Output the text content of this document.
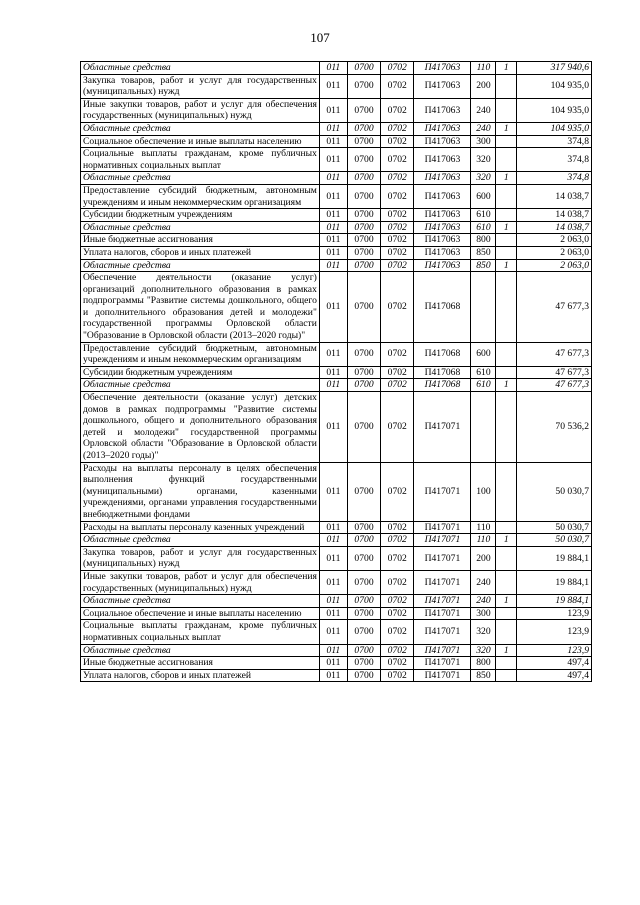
107
Областные средства	011	0700	0702	П417063	110	1	317 940,6
Закупка товаров, работ и услуг для государственных (муниципальных) нужд	011	0700	0702	П417063	200		104 935,0
Иные закупки товаров, работ и услуг для обеспечения государственных (муниципальных) нужд	011	0700	0702	П417063	240		104 935,0
Областные средства	011	0700	0702	П417063	240	1	104 935,0
Социальное обеспечение и иные выплаты населению	011	0700	0702	П417063	300		374,8
Социальные выплаты гражданам, кроме публичных нормативных социальных выплат	011	0700	0702	П417063	320		374,8
Областные средства	011	0700	0702	П417063	320	1	374,8
Предоставление субсидий бюджетным, автономным учреждениям и иным некоммерческим организациям	011	0700	0702	П417063	600		14 038,7
Субсидии бюджетным учреждениям	011	0700	0702	П417063	610		14 038,7
Областные средства	011	0700	0702	П417063	610	1	14 038,7
Иные бюджетные ассигнования	011	0700	0702	П417063	800		2 063,0
Уплата налогов, сборов и иных платежей	011	0700	0702	П417063	850		2 063,0
Областные средства	011	0700	0702	П417063	850	1	2 063,0
Обеспечение деятельности (оказание услуг) организаций дополнительного образования в рамках подпрограммы "Развитие системы дошкольного, общего и дополнительного образования детей и молодежи" государственной программы Орловской области "Образование в Орловской области (2013–2020 годы)"	011	0700	0702	П417068			47 677,3
Предоставление субсидий бюджетным, автономным учреждениям и иным некоммерческим организациям	011	0700	0702	П417068	600		47 677,3
Субсидии бюджетным учреждениям	011	0700	0702	П417068	610		47 677,3
Областные средства	011	0700	0702	П417068	610	1	47 677,3
Обеспечение деятельности (оказание услуг) детских домов в рамках подпрограммы "Развитие системы дошкольного, общего и дополнительного образования детей и молодежи" государственной программы Орловской области "Образование в Орловской области (2013–2020 годы)"	011	0700	0702	П417071			70 536,2
Расходы на выплаты персоналу в целях обеспечения выполнения функций государственными (муниципальными) органами, казенными учреждениями, органами управления государственными внебюджетными фондами	011	0700	0702	П417071	100		50 030,7
Расходы на выплаты персоналу казенных учреждений	011	0700	0702	П417071	110		50 030,7
Областные средства	011	0700	0702	П417071	110	1	50 030,7
Закупка товаров, работ и услуг для государственных (муниципальных) нужд	011	0700	0702	П417071	200		19 884,1
Иные закупки товаров, работ и услуг для обеспечения государственных (муниципальных) нужд	011	0700	0702	П417071	240		19 884,1
Областные средства	011	0700	0702	П417071	240	1	19 884,1
Социальное обеспечение и иные выплаты населению	011	0700	0702	П417071	300		123,9
Социальные выплаты гражданам, кроме публичных нормативных социальных выплат	011	0700	0702	П417071	320		123,9
Областные средства	011	0700	0702	П417071	320	1	123,9
Иные бюджетные ассигнования	011	0700	0702	П417071	800		497,4
Уплата налогов, сборов и иных платежей	011	0700	0702	П417071	850		497,4
